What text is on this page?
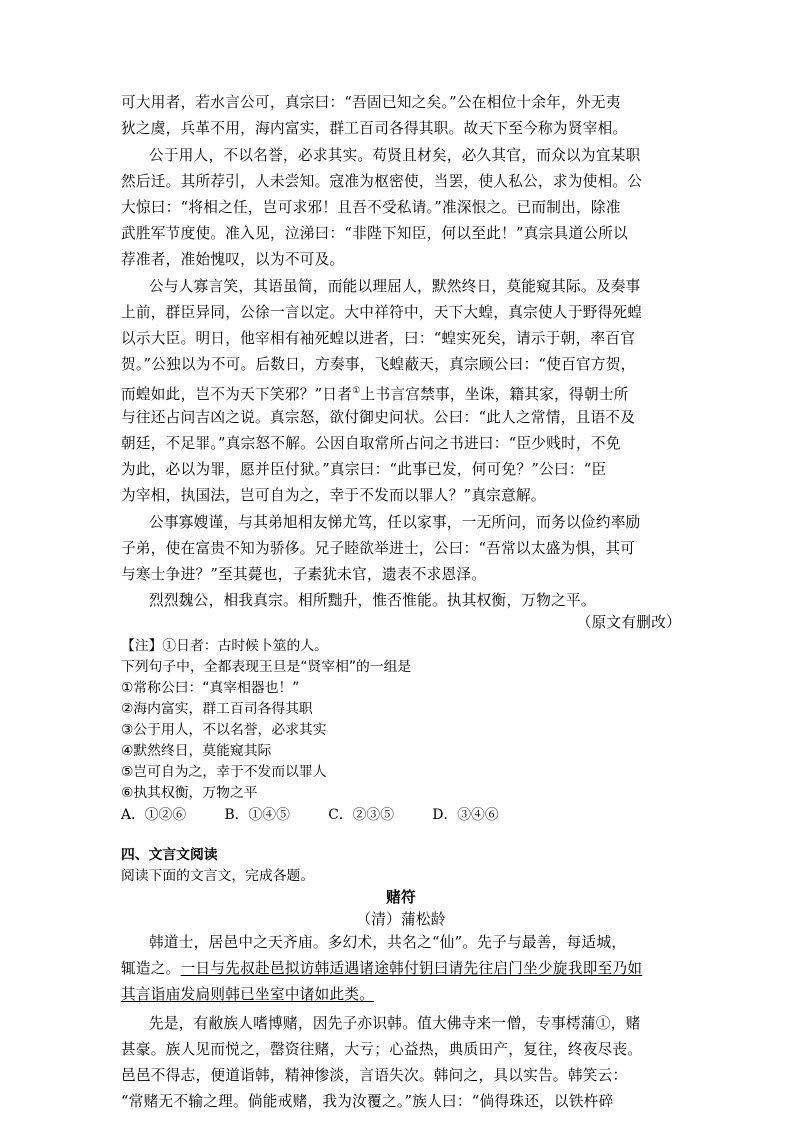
可大用者，若水言公可，真宗曰：“吾固已知之矣。”公在相位十余年，外无夷
狄之虞，兵革不用，海内富实，群工百司各得其职。故天下至今称为贤宰相。
公于用人，不以名誉，必求其实。苟贤且材矣，必久其官，而众以为宜某职
然后迁。其所荐引，人未尝知。寇准为枢密使，当罢，使人私公，求为使相。公
大惊曰：“将相之任，岂可求邪！且吾不受私请。”准深恨之。已而制出，除准
武胜军节度使。准入见，泣涕曰：“非陛下知臣，何以至此！”真宗具道公所以
荐准者，准始愧叹，以为不可及。
公与人寡言笑，其语虽简，而能以理屈人，默然终日，莫能窥其际。及奏事
上前，群臣异同，公徐一言以定。大中祥符中，天下大蝗，真宗使人于野得死蝗
以示大臣。明日，他宰相有袖死蝗以进者，曰：“蝗实死矣，请示于朝，率百官
贺。”公独以为不可。后数日，方奏事，飞蝗蔽天，真宗顾公曰：“使百官方贺，
而蝗如此，岂不为天下笑邪？”日者①上书言宫禁事，坐诛，籍其家，得朝士所
与往还占问吉凶之说。真宗怒，欲付御史问状。公曰：“此人之常情，且语不及
朝廷，不足罪。”真宗怒不解。公因自取常所占问之书进曰：“臣少贱时，不免
为此，必以为罪，愿并臣付狱。”真宗曰：“此事已发，何可免？”公曰：“臣
为宰相，执国法，岂可自为之，幸于不发而以罪人？”真宗意解。
公事寡嫂谨，与其弟旭相友悌尤笃，任以家事，一无所问，而务以俭约率励
子弟，使在富贵不知为骄侈。兄子睦欲举进士，公曰：“吾常以太盛为惧，其可
与寒士争进？”至其薨也，子素犹未官，遗表不求恩泽。
烈烈魏公，相我真宗。相所黜升，惟否惟能。执其权衡，万物之平。
（原文有删改）
【注】①日者：古时候卜筮的人。
下列句子中，全都表现王旦是“贤宰相”的一组是
①常称公曰：“真宰相器也！”
②海内富实，群工百司各得其职
③公于用人，不以名誉，必求其实
④默然终日，莫能窥其际
⑤岂可自为之，幸于不发而以罪人
⑥执其权衡，万物之平
A．①②⑥	B．①④⑤	C．②③⑤	D．③④⑥
四、文言文阅读
阅读下面的文言文，完成各题。
赌符
（清）蒲松龄
韩道士，居邑中之天齐庙。多幻术，共名之“仙”。先子与最善，每适城，
辄造之。一日与先叔赴邑拟访韩适遇诸途韩付钥曰请先往启门坐少旋我即至乃如
其言诣庙发扃则韩已坐室中诸如此类。
先是，有敝族人嗜博赌，因先子亦识韩。值大佛寺来一僧，专事樗蒲①，赌
甚豪。族人见而悦之，罄资往赌，大亏；心益热，典质田产，复往，终夜尽丧。
邑邑不得志，便道诣韩，精神惨淡，言语失次。韩问之，具以实告。韩笑云：
“常赌无不输之理。倘能戒赌，我为汝覆之。”族人曰：“倘得珠还，以铁杵碎
